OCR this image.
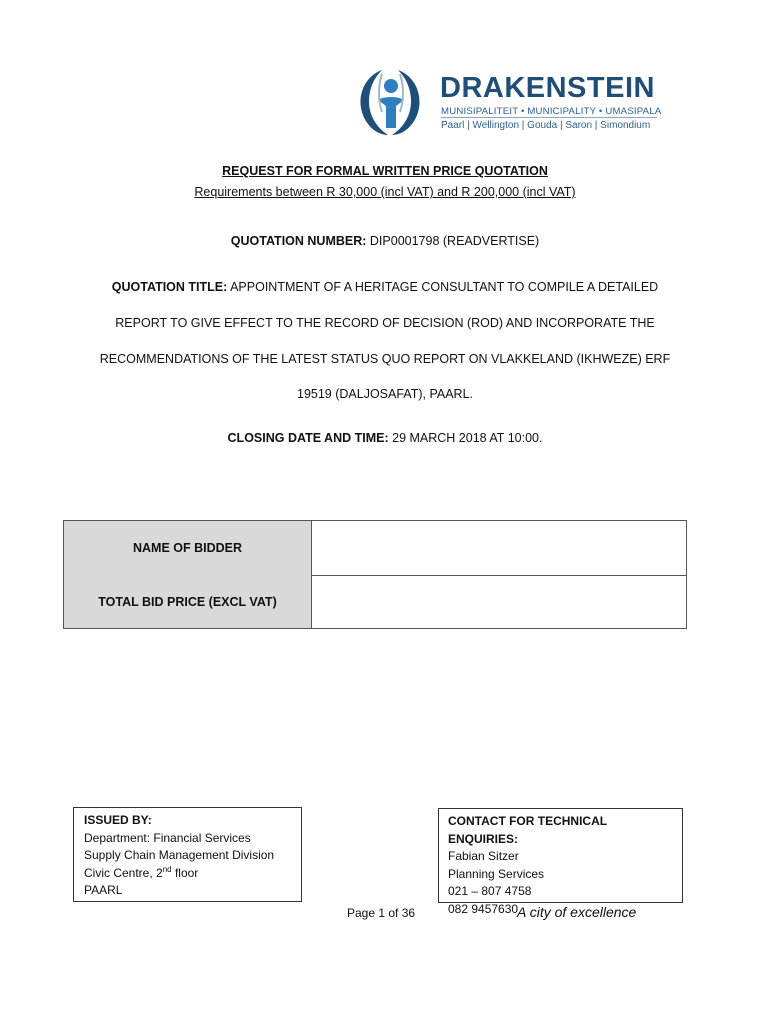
DRAKENSTEIN
MUNISIPALITEIT • MUNICIPALITY • UMASIPALA
Paarl | Wellington | Gouda | Saron | Simondium
REQUEST FOR FORMAL WRITTEN PRICE QUOTATION
Requirements between R 30,000 (incl VAT) and R 200,000 (incl VAT)
QUOTATION NUMBER: DIP0001798 (READVERTISE)
QUOTATION TITLE: APPOINTMENT OF A HERITAGE CONSULTANT TO COMPILE A DETAILED
REPORT TO GIVE EFFECT TO THE RECORD OF DECISION (ROD) AND INCORPORATE THE
RECOMMENDATIONS OF THE LATEST STATUS QUO REPORT ON VLAKKELAND (IKHWEZE) ERF
19519 (DALJOSAFAT), PAARL.
CLOSING DATE AND TIME: 29 MARCH 2018 AT 10:00.
NAME OF BIDDER
TOTAL BID PRICE (EXCL VAT)
ISSUED BY:
Department: Financial Services
Supply Chain Management Division
Civic Centre, 2nd floor
PAARL
CONTACT FOR TECHNICAL ENQUIRIES:
Fabian Sitzer
Planning Services
021 – 807 4758
082 9457630
Page 1 of 36	A city of excellence
